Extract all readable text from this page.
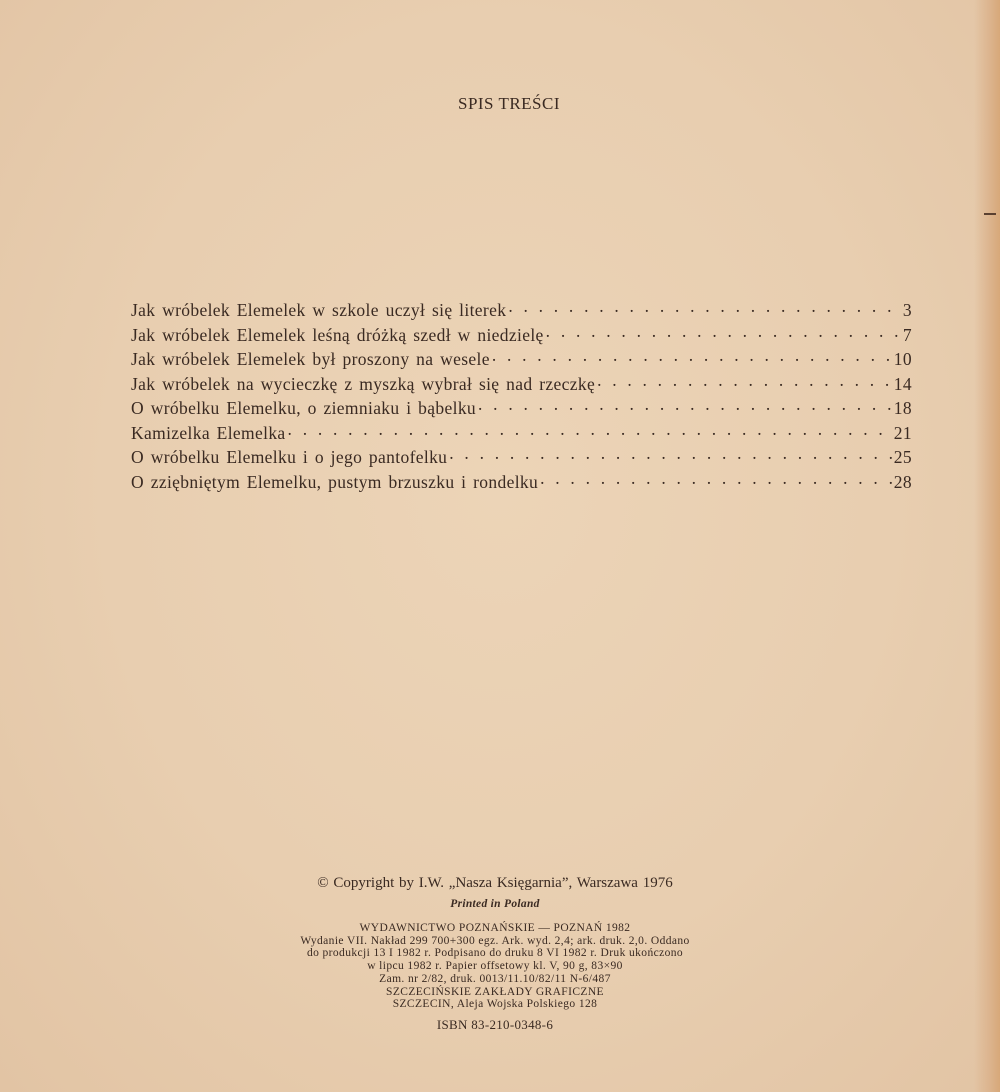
SPIS TREŚCI
Jak wróbelek Elemelek w szkole uczył się literek . . .	3
Jak wróbelek Elemelek leśną dróżką szedł w niedzielę . . .	7
Jak wróbelek Elemelek był proszony na wesele . . .	10
Jak wróbelek na wycieczkę z myszką wybrał się nad rzeczkę . . .	14
O wróbelku Elemelku, o ziemniaku i bąbelku . . .	18
Kamizelka Elemelka . . .	21
O wróbelku Elemelku i o jego pantofelku . . .	25
O zziębniętym Elemelku, pustym brzuszku i rondelku . . .	28
© Copyright by I.W. „Nasza Księgarnia”, Warszawa 1976
Printed in Poland
WYDAWNICTWO POZNAŃSKIE — POZNAŃ 1982
Wydanie VII. Nakład 299 700+300 egz. Ark. wyd. 2,4; ark. druk. 2,0. Oddano
do produkcji 13 I 1982 r. Podpisano do druku 8 VI 1982 r. Druk ukończono
w lipcu 1982 r. Papier offsetowy kl. V, 90 g, 83×90
Zam. nr 2/82, druk. 0013/11.10/82/11 N-6/487
SZCZECIŃSKIE ZAKŁADY GRAFICZNE
SZCZECIN, Aleja Wojska Polskiego 128
ISBN 83-210-0348-6
